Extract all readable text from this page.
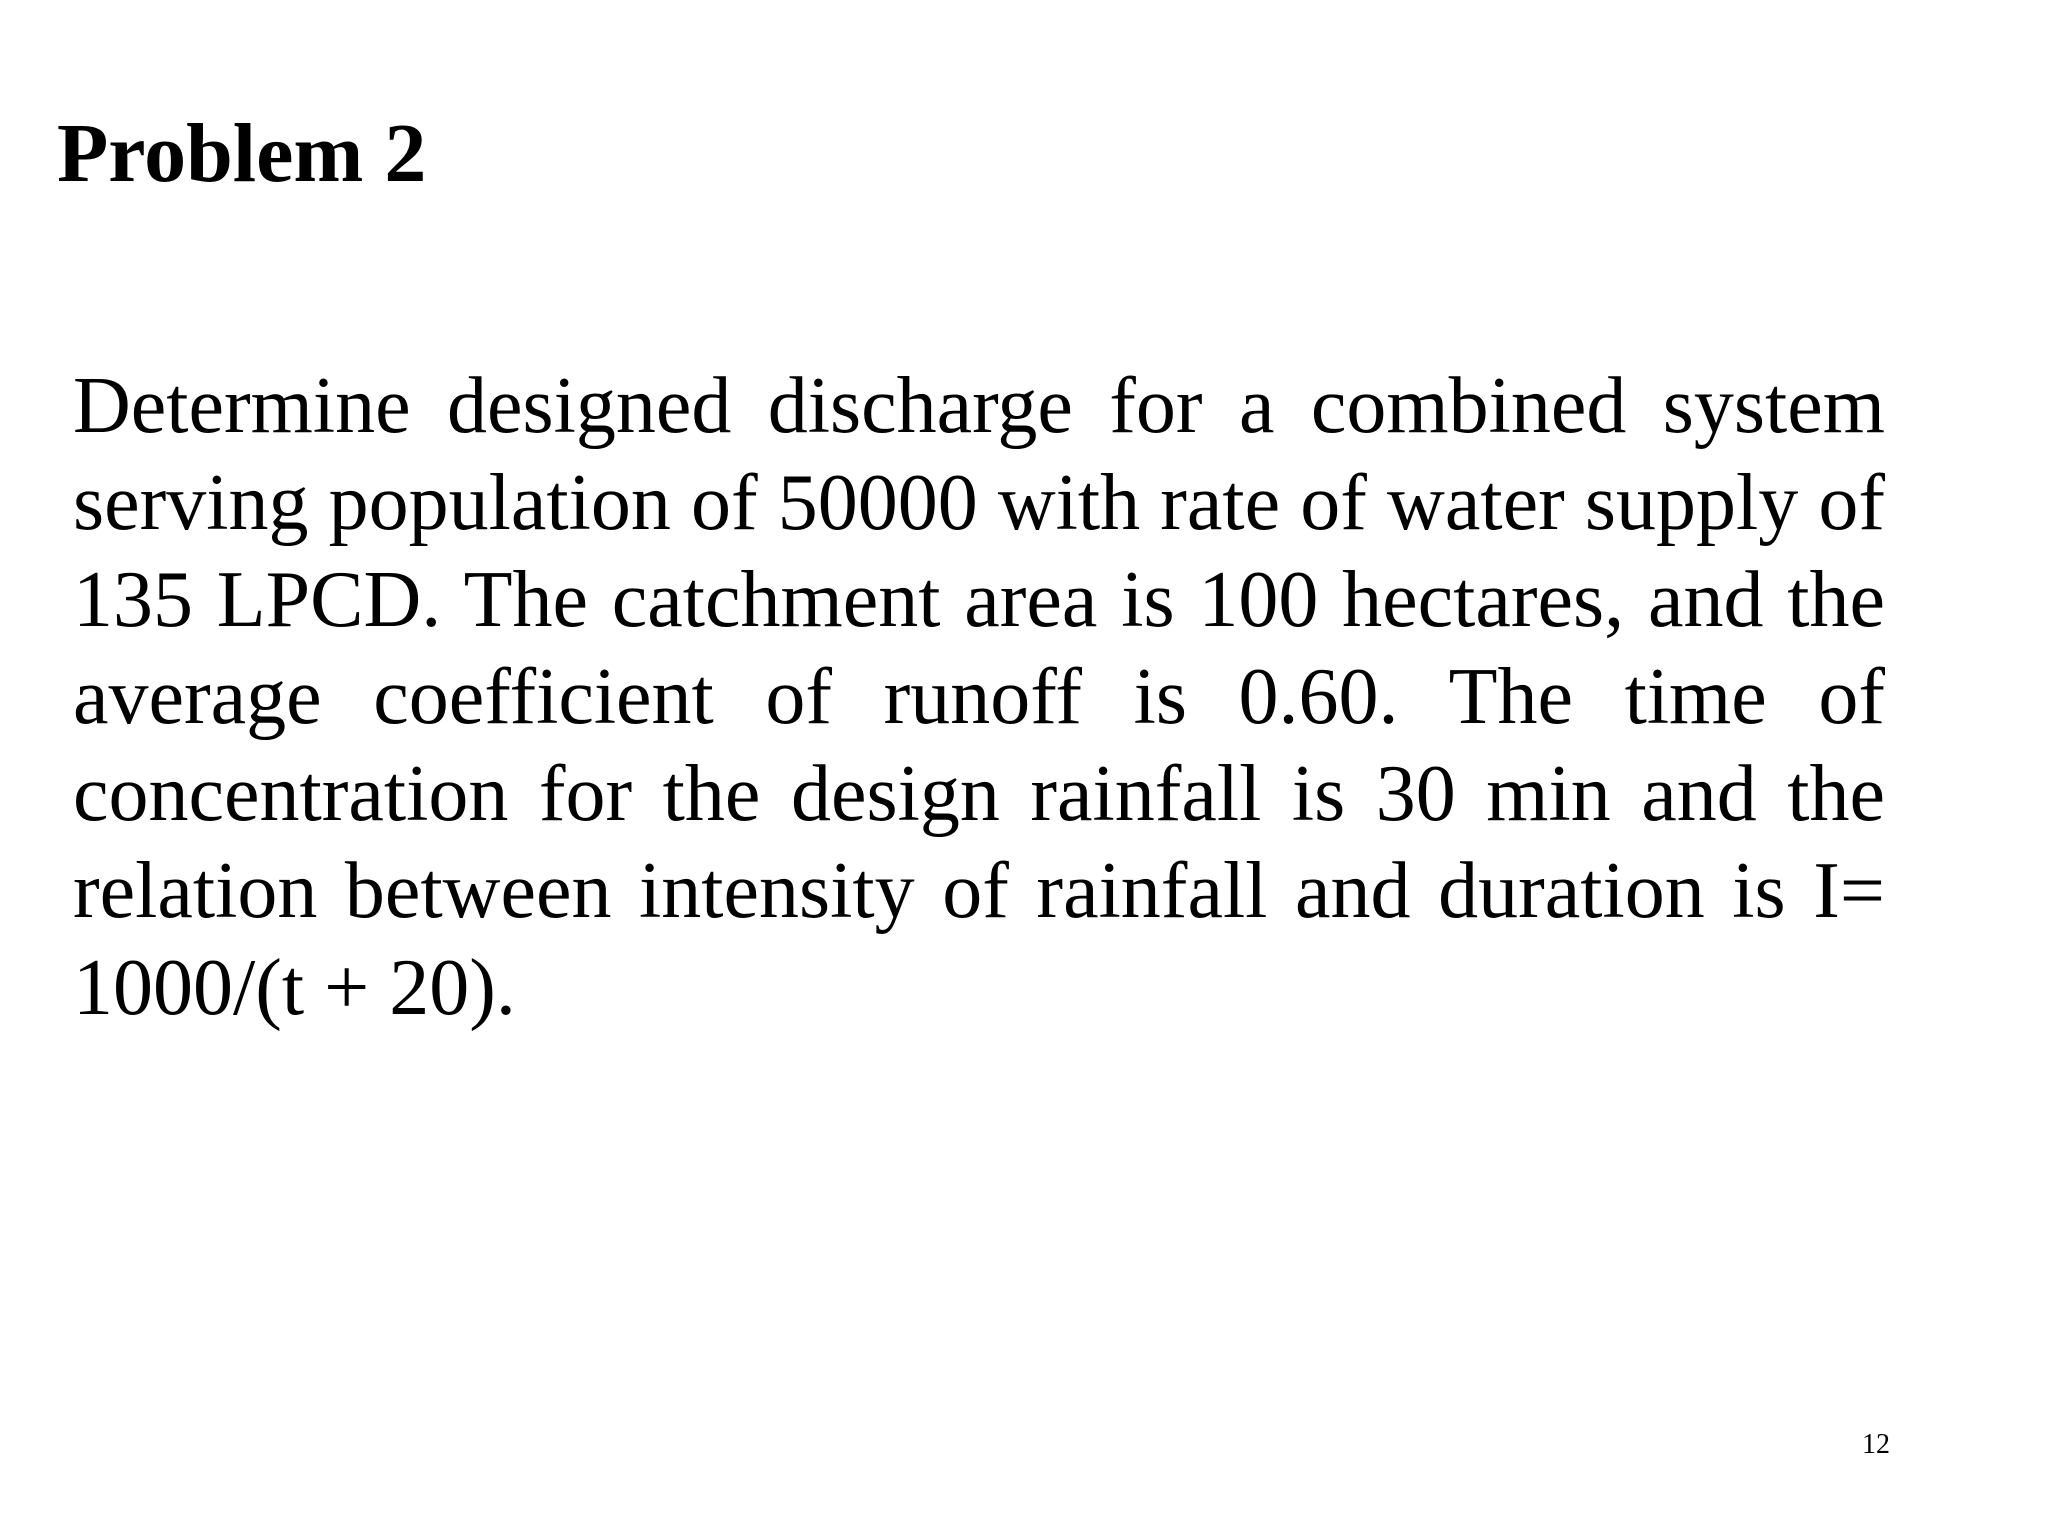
Problem 2

Determine designed discharge for a combined system serving population of 50000 with rate of water supply of 135 LPCD. The catchment area is 100 hectares, and the average coefficient of runoff is 0.60. The time of concentration for the design rainfall is 30 min and the relation between intensity of rainfall and duration is I= 1000/(t + 20).

12
